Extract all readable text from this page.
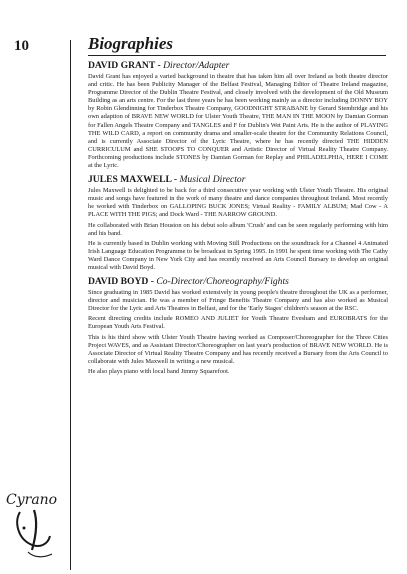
10	Biographies
DAVID GRANT - Director/Adapter

David Grant has enjoyed a varied background in theatre that has taken him all over Ireland as both theatre director and critic. He has been Publicity Manager of the Belfast Festival, Managing Editor of Theatre Ireland magazine, Programme Director of the Dublin Theatre Festival, and closely involved with the development of the Old Museum Building as an arts centre. For the last three years he has been working mainly as a director including DONNY BOY by Robin Glendinning for Tinderbox Theatre Company, GOODNIGHT STRABANE by Gerard Stembridge and his own adaption of BRAVE NEW WORLD for Ulster Youth Theatre, THE MAN IN THE MOON by Damian Gorman for Fallen Angels Theatre Company and TANGLES and F for Dublin's Wet Paint Arts. He is the author of PLAYING THE WILD CARD, a report on community drama and smaller-scale theatre for the Community Relations Council, and is currently Associate Director of the Lyric Theatre, where he has recently directed THE HIDDEN CURRICULUM and SHE STOOPS TO CONQUER and Artistic Director of Virtual Reality Theatre Company. Forthcoming productions include STONES by Damian Gorman for Replay and PHILADELPHIA, HERE I COME at the Lyric.

JULES MAXWELL - Musical Director

Jules Maxwell is delighted to be back for a third consecutive year working with Ulster Youth Theatre. His original music and songs have featured in the work of many theatre and dance companies throughout Ireland. Most recently he worked with Tinderbox on GALLOPING BUCK JONES; Virtual Reality - FAMILY ALBUM; Mad Cow - A PLACE WITH THE PIGS; and Dock Ward - THE NARROW GROUND.

He collaborated with Brian Houston on his debut solo album 'Crush' and can be seen regularly performing with him and his band.

He is currently based in Dublin working with Moving Still Productions on the soundtrack for a Channel 4 Animated Irish Language Education Programme to be broadcast in Spring 1995. In 1991 he spent time working with The Cathy Ward Dance Company in New York City and has recently received an Arts Council Bursary to develop an original musical with David Boyd.

DAVID BOYD - Co-Director/Choreography/Fights

Since graduating in 1985 David has worked extensively in young people's theatre throughout the UK as a performer, director and musician. He was a member of Fringe Benefits Theatre Company and has also worked as Musical Director for the Lyric and Arts Theatres in Belfast, and for the 'Early Stages' children's season at the RSC.

Recent directing credits include ROMEO AND JULIET for Youth Theatre Evesham and EUROBRATS for the European Youth Arts Festival.

This is his third show with Ulster Youth Theatre having worked as Composer/Choreographer for the Three Cities Project WAVES, and as Assistant Director/Choreographer on last year's production of BRAVE NEW WORLD. He is Associate Director of Virtual Reality Theatre Company and has recently received a Bursary from the Arts Council to collaborate with Jules Maxwell in writing a new musical.

He also plays piano with local band Jimmy Squarefoot.

Cyrano
